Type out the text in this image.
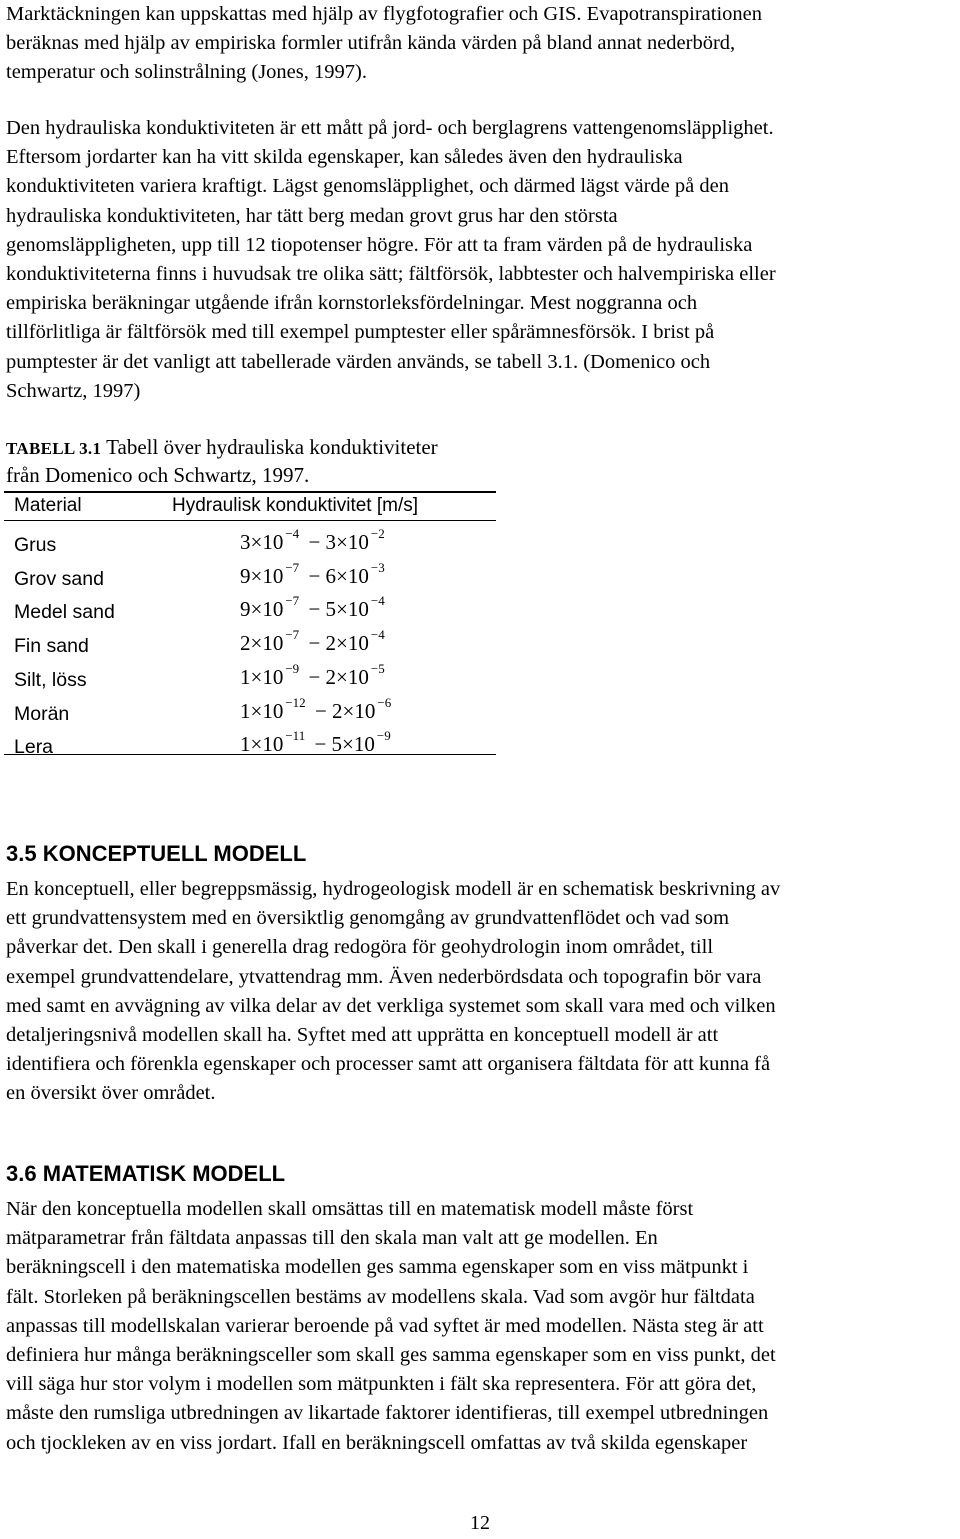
Marktäckningen kan uppskattas med hjälp av flygfotografier och GIS. Evapotranspirationen
beräknas med hjälp av empiriska formler utifrån kända värden på bland annat nederbörd,
temperatur och solinstrålning (Jones, 1997).
Den hydrauliska konduktiviteten är ett mått på jord- och berglagrens vattengenomsläpplighet.
Eftersom jordarter kan ha vitt skilda egenskaper, kan således även den hydrauliska
konduktiviteten variera kraftigt. Lägst genomsläpplighet, och därmed lägst värde på den
hydrauliska konduktiviteten, har tätt berg medan grovt grus har den största
genomsläppligheten, upp till 12 tiopotenser högre. För att ta fram värden på de hydrauliska
konduktiviteterna finns i huvudsak tre olika sätt; fältförsök, labbtester och halvempiriska eller
empiriska beräkningar utgående ifrån kornstorleksfördelningar. Mest noggranna och
tillförlitliga är fältförsök med till exempel pumptester eller spårämnesförsök. I brist på
pumptester är det vanligt att tabellerade värden används, se tabell 3.1. (Domenico och
Schwartz, 1997)
TABELL 3.1 Tabell över hydrauliska konduktiviteter
från Domenico och Schwartz, 1997.
Material	Hydraulisk konduktivitet [m/s]
Grus	3×10 $^{-4}$ − 3×10 $^{-2}$
Grov sand	9×10 $^{-7}$ − 6×10 $^{-3}$
Medel sand	9×10 $^{-7}$ − 5×10 $^{-4}$
Fin sand	2×10 $^{-7}$ − 2×10 $^{-4}$
Silt, löss	1×10 $^{-9}$ − 2×10 $^{-5}$
Morän	1×10 $^{-12}$ − 2×10 $^{-6}$
Lera	1×10 $^{-11}$ − 5×10 $^{-9}$
3.5 KONCEPTUELL MODELL
En konceptuell, eller begreppsmässig, hydrogeologisk modell är en schematisk beskrivning av
ett grundvattensystem med en översiktlig genomgång av grundvattenflödet och vad som
påverkar det. Den skall i generella drag redogöra för geohydrologin inom området, till
exempel grundvattendelare, ytvattendrag mm. Även nederbördsdata och topografin bör vara
med samt en avvägning av vilka delar av det verkliga systemet som skall vara med och vilken
detaljeringsnivå modellen skall ha. Syftet med att upprätta en konceptuell modell är att
identifiera och förenkla egenskaper och processer samt att organisera fältdata för att kunna få
en översikt över området.
3.6 MATEMATISK MODELL
När den konceptuella modellen skall omsättas till en matematisk modell måste först
mätparametrar från fältdata anpassas till den skala man valt att ge modellen. En
beräkningscell i den matematiska modellen ges samma egenskaper som en viss mätpunkt i
fält. Storleken på beräkningscellen bestäms av modellens skala. Vad som avgör hur fältdata
anpassas till modellskalan varierar beroende på vad syftet är med modellen. Nästa steg är att
definiera hur många beräkningsceller som skall ges samma egenskaper som en viss punkt, det
vill säga hur stor volym i modellen som mätpunkten i fält ska representera. För att göra det,
måste den rumsliga utbredningen av likartade faktorer identifieras, till exempel utbredningen
och tjockleken av en viss jordart. Ifall en beräkningscell omfattas av två skilda egenskaper
12
